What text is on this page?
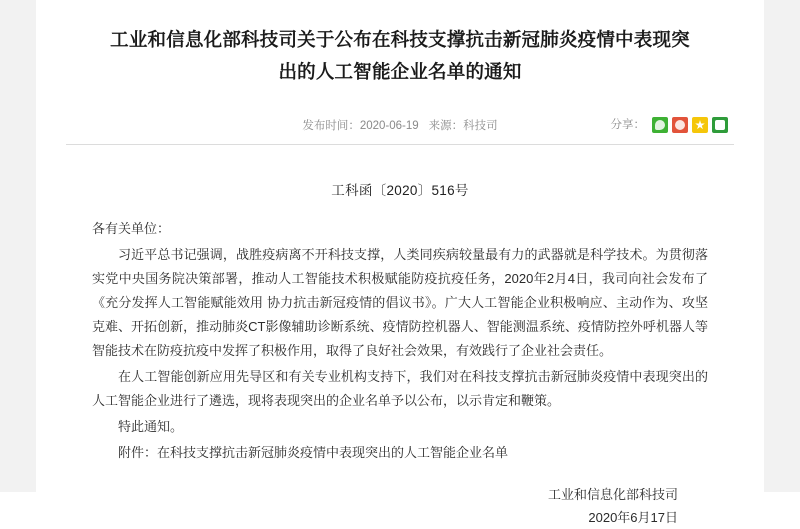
工业和信息化部科技司关于公布在科技支撑抗击新冠肺炎疫情中表现突出的人工智能企业名单的通知
发布时间：2020-06-19 来源：科技司	分享：
工科函〔2020〕516号

各有关单位：

习近平总书记强调，战胜疫病离不开科技支撑，人类同疾病较量最有力的武器就是科学技术。为贯彻落实党中央国务院决策部署，推动人工智能技术积极赋能防疫抗疫任务，2020年2月4日，我司向社会发布了《充分发挥人工智能赋能效用 协力抗击新冠疫情的倡议书》。广大人工智能企业积极响应、主动作为、攻坚克难、开拓创新，推动肺炎CT影像辅助诊断系统、疫情防控机器人、智能测温系统、疫情防控外呼机器人等智能技术在防疫抗疫中发挥了积极作用，取得了良好社会效果，有效践行了企业社会责任。

在人工智能创新应用先导区和有关专业机构支持下，我们对在科技支撑抗击新冠肺炎疫情中表现突出的人工智能企业进行了遴选，现将表现突出的企业名单予以公布，以示肯定和鞭策。

特此通知。

附件：在科技支撑抗击新冠肺炎疫情中表现突出的人工智能企业名单

工业和信息化部科技司
2020年6月17日
